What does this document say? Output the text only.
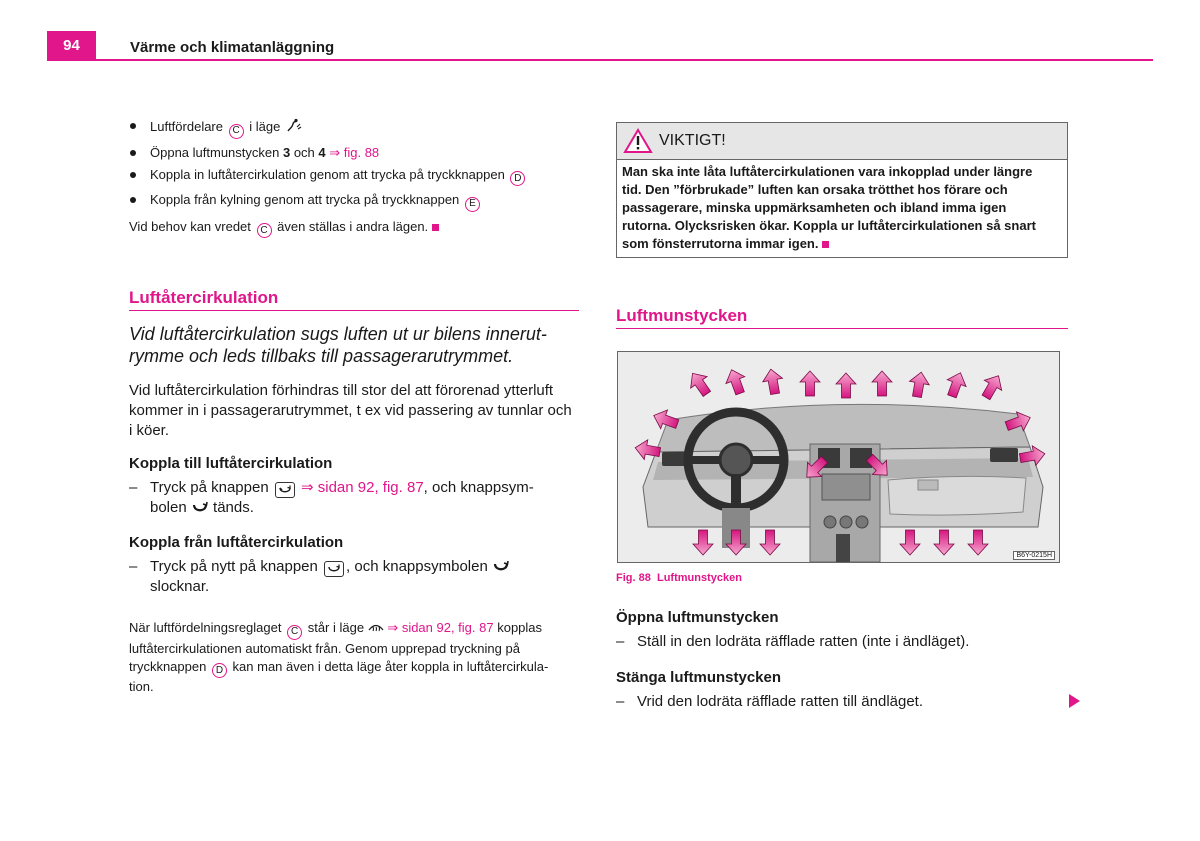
94	Värme och klimatanläggning
Luftfördelare C i läge
Öppna luftmunstycken 3 och 4 ⇒ fig. 88
Koppla in luftåtercirkulation genom att trycka på tryckknappen D
Koppla från kylning genom att trycka på tryckknappen E

Vid behov kan vredet C även ställas i andra lägen.

Luftåtercirkulation

Vid luftåtercirkulation sugs luften ut ur bilens innerut-
rymme och leds tillbaks till passagerarutrymmet.

Vid luftåtercirkulation förhindras till stor del att förorenad ytterluft kommer in i passagerarutrymmet, t ex vid passering av tunnlar och i köer.

Koppla till luftåtercirkulation
– Tryck på knappen
⇒ sidan 92, fig. 87, och knappsym-
bolen  tänds.
Koppla från luftåtercirkulation
– Tryck på nytt på knappen
, och knappsymbolen
slocknar.

När luftfördelningsreglaget C står i läge  ⇒ sidan 92, fig. 87 kopplas
luftåtercirkulationen automatiskt från. Genom upprepad tryckning på
tryckknappen D kan man även i detta läge åter koppla in luftåtercirkula-
tion.

VIKTIGT!
Man ska inte låta luftåtercirkulationen vara inkopplad under längre
tid. Den ”förbrukade” luften kan orsaka trötthet hos förare och
passagerare, minska uppmärksamheten och ibland imma igen
rutorna. Olycksrisken ökar. Koppla ur luftåtercirkulationen så snart
som fönsterrutorna immar igen.
Luftmunstycken
B6Y-0215H
Fig. 88 Luftmunstycken
Öppna luftmunstycken
– Ställ in den lodräta räfflade ratten (inte i ändläget).
Stänga luftmunstycken
– Vrid den lodräta räfflade ratten till ändläget.
